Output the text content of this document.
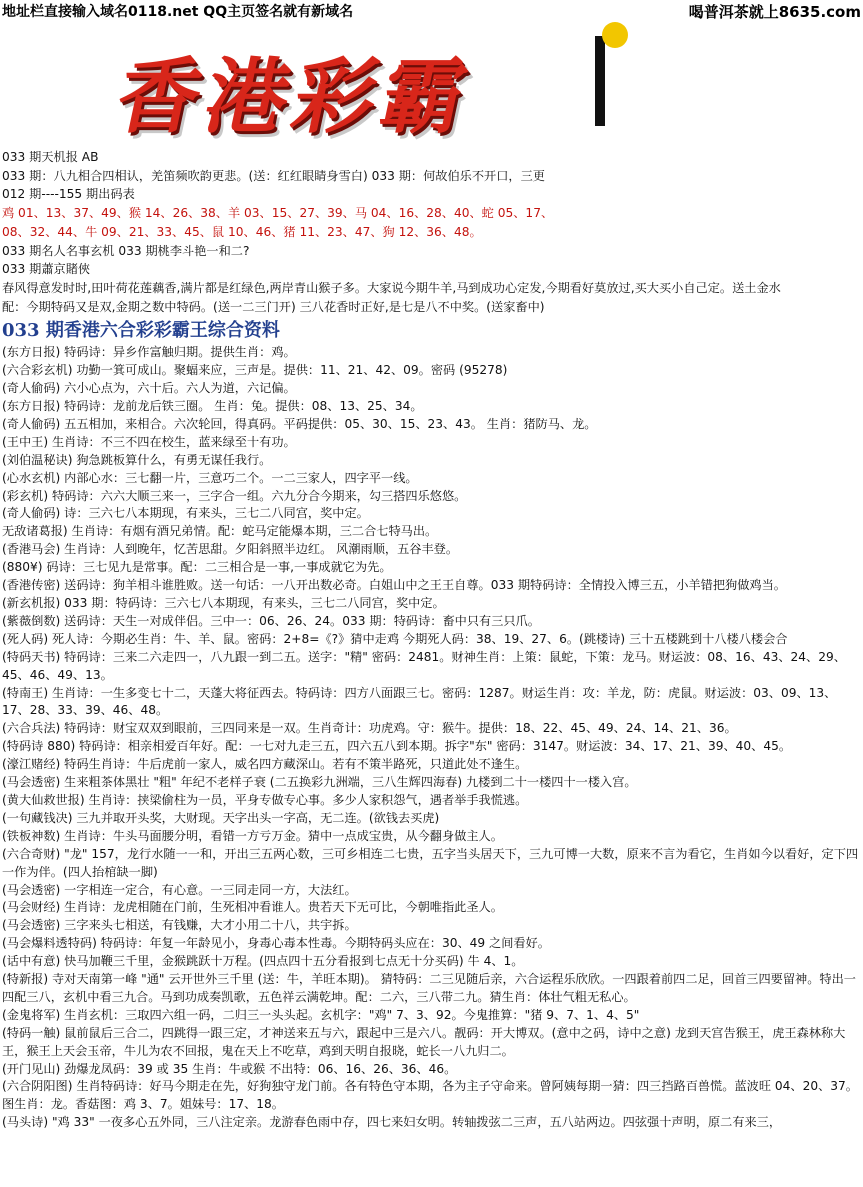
地址栏直接输入域名0118.net QQ主页签名就有新域名	喝普洱茶就上8635.com
香港彩霸
033 期天机报 AB
033 期：八九相合四相认，羌笛频吹韵更悲。(送：红红眼睛身雪白) 033 期：何故伯乐不开口，三更
012 期----155 期出码表
鸡 01、13、37、49、猴 14、26、38、羊 03、15、27、39、马 04、16、28、40、蛇 05、17、
08、32、44、牛 09、21、33、45、鼠 10、46、猪 11、23、47、狗 12、36、48。
033 期名人名事玄机 033 期桃李斗艳一和二?
033 期蕭京賭俠
春风得意发时时,田叶荷花莲藕香,满片都是红绿色,两岸青山猴子多。大家说今期牛羊,马到成功心定发,今期看好莫放过,买大买小自己定。送土金水
配：今期特码又是双,金期之数中特码。(送一二三门开) 三八花香时正好,是七是八不中奖。(送家畜中)
033 期香港六合彩彩霸王综合资料
(东方日报) 特码诗：异乡作富触归期。提供生肖：鸡。
(六合彩玄机) 功勤一箕可成山。聚蝠来应，三声是。提供：11、21、42、09。密码 (95278)
(奇人偷码) 六小心点为，六十后。六人为道，六记偏。
(东方日报) 特码诗：龙前龙后铁三圈。 生肖：兔。提供：08、13、25、34。
(奇人偷码) 五五相加，来相合。六次轮回，得真码。平码提供：05、30、15、23、43。 生肖：猪防马、龙。
(王中王) 生肖诗：不三不四在校生，蓝来绿至十有功。
(刘伯温秘诀) 狗急跳板算什么，有勇无谋任我行。
(心水玄机) 内部心水：三七翻一片，三意巧二个。一二三家人，四字平一线。
(彩玄机) 特码诗：六六大顺三来一，三字合一组。六九分合今期来，勾三搭四乐悠悠。
(奇人偷码) 诗：三六七八本期现，有来头，三七二八同宫，奖中定。
无敌诸葛报) 生肖诗：有烟有酒兄弟情。配：蛇马定能爆本期，三二合七特马出。
(香港马会) 生肖诗：人到晚年，忆苦思甜。夕阳斜照半边红。 风潮雨顺，五谷丰登。
(880¥) 码诗：三七见九是常事。配：二三相合是一事,一事成就它为先。
(香港传密) 送码诗：狗羊相斗谁胜败。送一句话：一八开出数必奇。白姐山中之王王自尊。033 期特码诗：全情投入博三五，小羊错把狗做鸡当。
(新玄机报) 033 期：特码诗：三六七八本期现，有来头，三七二八同宫，奖中定。
(紫薇倒数) 送码诗：天生一对成伴侣。三中一：06、26、24。033 期：特码诗：畜中只有三只爪。
(死人码) 死人诗：今期必生肖：牛、羊、鼠。密码：2+8=《?》猜中走鸡 今期死人码：38、19、27、6。(跳楼诗) 三十五楼跳到十八楼八楼会合
(特码天书) 特码诗：三来二六走四一，八九跟一到二五。送字："精" 密码：2481。财神生肖：上策：鼠蛇，下策：龙马。财运波：08、16、43、24、29、45、46、49、13。
(特南王) 生肖诗：一生多变七十二，天蓬大将征西去。特码诗：四方八面跟三七。密码：1287。财运生肖：攻：羊龙，防：虎鼠。财运波：03、09、13、17、28、33、39、46、48。
(六合兵法) 特码诗：财宝双双到眼前，三四同来是一双。生肖奇计：功虎鸡。守：猴牛。提供：18、22、45、49、24、14、21、36。
(特码诗 880) 特码诗：相亲相爱百年好。配：一七对九走三五，四六五八到本期。拆字"东" 密码：3147。财运波：34、17、21、39、40、45。
(濠江赌经) 特码生肖诗：牛后虎前一家人，威名四方藏深山。若有不策半路死，只道此处不逢生。
(马会透密) 生来粗茶体黑壮 "粗" 年纪不老样子衰 (二五换彩九洲端，三八生辉四海春) 九楼到二十一楼四十一楼入宫。
(黄大仙救世报) 生肖诗：挟梁偷柱为一员，平身专做专心事。多少人家积怨气，遇者举手我慌逃。
(一句藏钱决) 三九并取开头奖，大财现。天字出头一字高，无二连。(欲钱去买虎)
(铁板神数) 生肖诗：牛头马面腰分明，看错一方亏万金。猜中一点成宝贵，从今翻身做主人。
(六合奇财) "龙" 157，龙行水随一一和，开出三五两心数，三可乡相连二七贵，五字当头居天下，三九可博一大数，原来不言为看它，生肖如今以看好，定下四一作为伴。(四人抬棺缺一脚)
(马会透密) 一字相连一定合，有心意。一三同走同一方，大法红。
(马会财经) 生肖诗：龙虎相随在门前，生死相冲看谁人。贵若天下无可比，今朝唯指此圣人。
(马会透密) 三字来头七相送，有钱赚，大才小用二十八，共宇拆。
(马会爆料透特码) 特码诗：年复一年龄见小，身毒心毒本性毒。今期特码头应在：30、49 之间看好。
(话中有意) 快马加鞭三千里，金猴跳跃十万程。(四点四十五分看报到七点无十分买码) 牛 4、1。
(特新报) 寺对天南第一峰 "通" 云开世外三千里 (送：牛，羊旺本期)。 猜特码：二三见随后亲，六合运程乐欣欣。一四跟着前四二足，回首三四要留神。特出一四配三八，玄机中看三九合。马到功成奏凯歌，五色祥云满乾坤。配：二六，三八带二九。猜生肖：体壮气粗无私心。
(金鬼将军) 生肖玄机：三取四六组一码，二归三一头头起。玄机字："鸡" 7、3、92。今鬼推算："猪 9、7、1、4、5"
(特码一触) 鼠前鼠后三合二，四跳得一跟三定，才神送来五与六，跟起中三是六八。靓码：开大博双。(意中之码，诗中之意) 龙到天宫告猴王，虎王森林称大王，猴王上天会玉帝，牛儿为农不回报，鬼在天上不吃草，鸡到天明自报晓，蛇长一八九归二。
(开门见山) 劲爆龙凤码：39 或 35 生肖：牛或猴 不出特：06、16、26、36、46。
(六合阴阳图) 生肖特码诗：好马今期走在先，好狗独守龙门前。各有特色守本期，各为主子守命来。曾阿姨每期一猜：四三挡路百兽慌。蓝波旺 04、20、37。图生肖：龙。香菇图：鸡 3、7。姐妹号：17、18。
(马头诗) "鸡 33" 一夜多心五外同，三八注定亲。龙游春色雨中存，四七来妇女明。转轴拨弦二三声，五八站两边。四弦强十声明，原二有来三，
